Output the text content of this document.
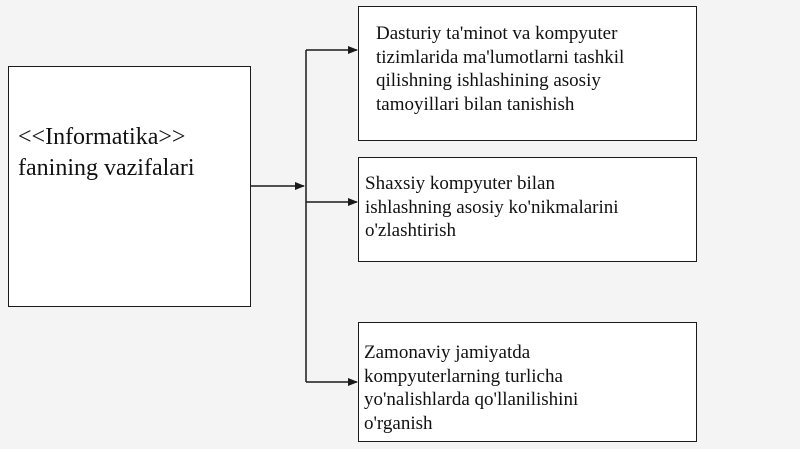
<<Informatika>>
fanining vazifalari

Dasturiy ta'minot va kompyuter
tizimlarida ma'lumotlarni tashkil
qilishning ishlashining asosiy
tamoyillari bilan tanishish

Shaxsiy kompyuter bilan
ishlashning asosiy ko'nikmalarini
o'zlashtirish

Zamonaviy jamiyatda
kompyuterlarning turlicha
yo'nalishlarda qo'llanilishini
o'rganish
